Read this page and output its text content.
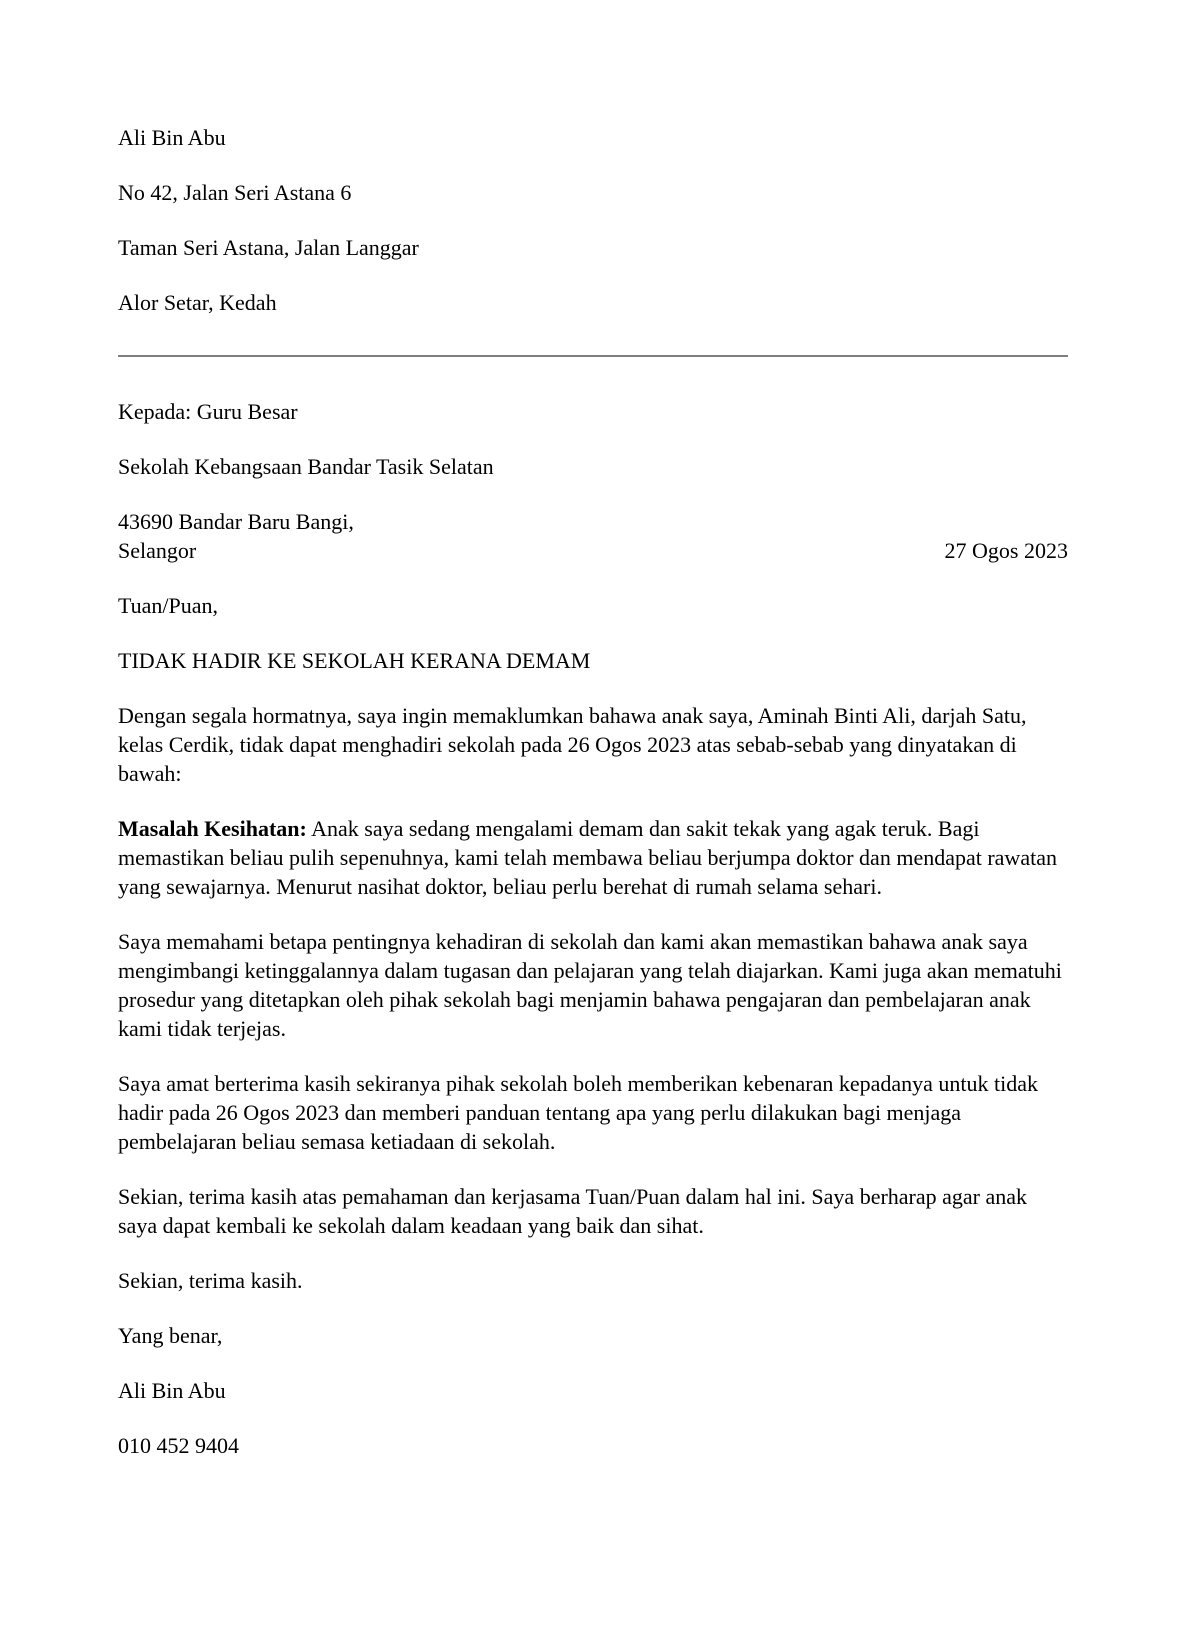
Ali Bin Abu

No 42, Jalan Seri Astana 6

Taman Seri Astana, Jalan Langgar

Alor Setar, Kedah

Kepada: Guru Besar

Sekolah Kebangsaan Bandar Tasik Selatan

43690 Bandar Baru Bangi,
Selangor	27 Ogos 2023

Tuan/Puan,

TIDAK HADIR KE SEKOLAH KERANA DEMAM

Dengan segala hormatnya, saya ingin memaklumkan bahawa anak saya, Aminah Binti Ali, darjah Satu, kelas Cerdik, tidak dapat menghadiri sekolah pada 26 Ogos 2023 atas sebab-sebab yang dinyatakan di bawah:

Masalah Kesihatan: Anak saya sedang mengalami demam dan sakit tekak yang agak teruk. Bagi memastikan beliau pulih sepenuhnya, kami telah membawa beliau berjumpa doktor dan mendapat rawatan yang sewajarnya. Menurut nasihat doktor, beliau perlu berehat di rumah selama sehari.

Saya memahami betapa pentingnya kehadiran di sekolah dan kami akan memastikan bahawa anak saya mengimbangi ketinggalannya dalam tugasan dan pelajaran yang telah diajarkan. Kami juga akan mematuhi prosedur yang ditetapkan oleh pihak sekolah bagi menjamin bahawa pengajaran dan pembelajaran anak kami tidak terjejas.

Saya amat berterima kasih sekiranya pihak sekolah boleh memberikan kebenaran kepadanya untuk tidak hadir pada 26 Ogos 2023 dan memberi panduan tentang apa yang perlu dilakukan bagi menjaga pembelajaran beliau semasa ketiadaan di sekolah.

Sekian, terima kasih atas pemahaman dan kerjasama Tuan/Puan dalam hal ini. Saya berharap agar anak saya dapat kembali ke sekolah dalam keadaan yang baik dan sihat.

Sekian, terima kasih.

Yang benar,

Ali Bin Abu

010 452 9404
